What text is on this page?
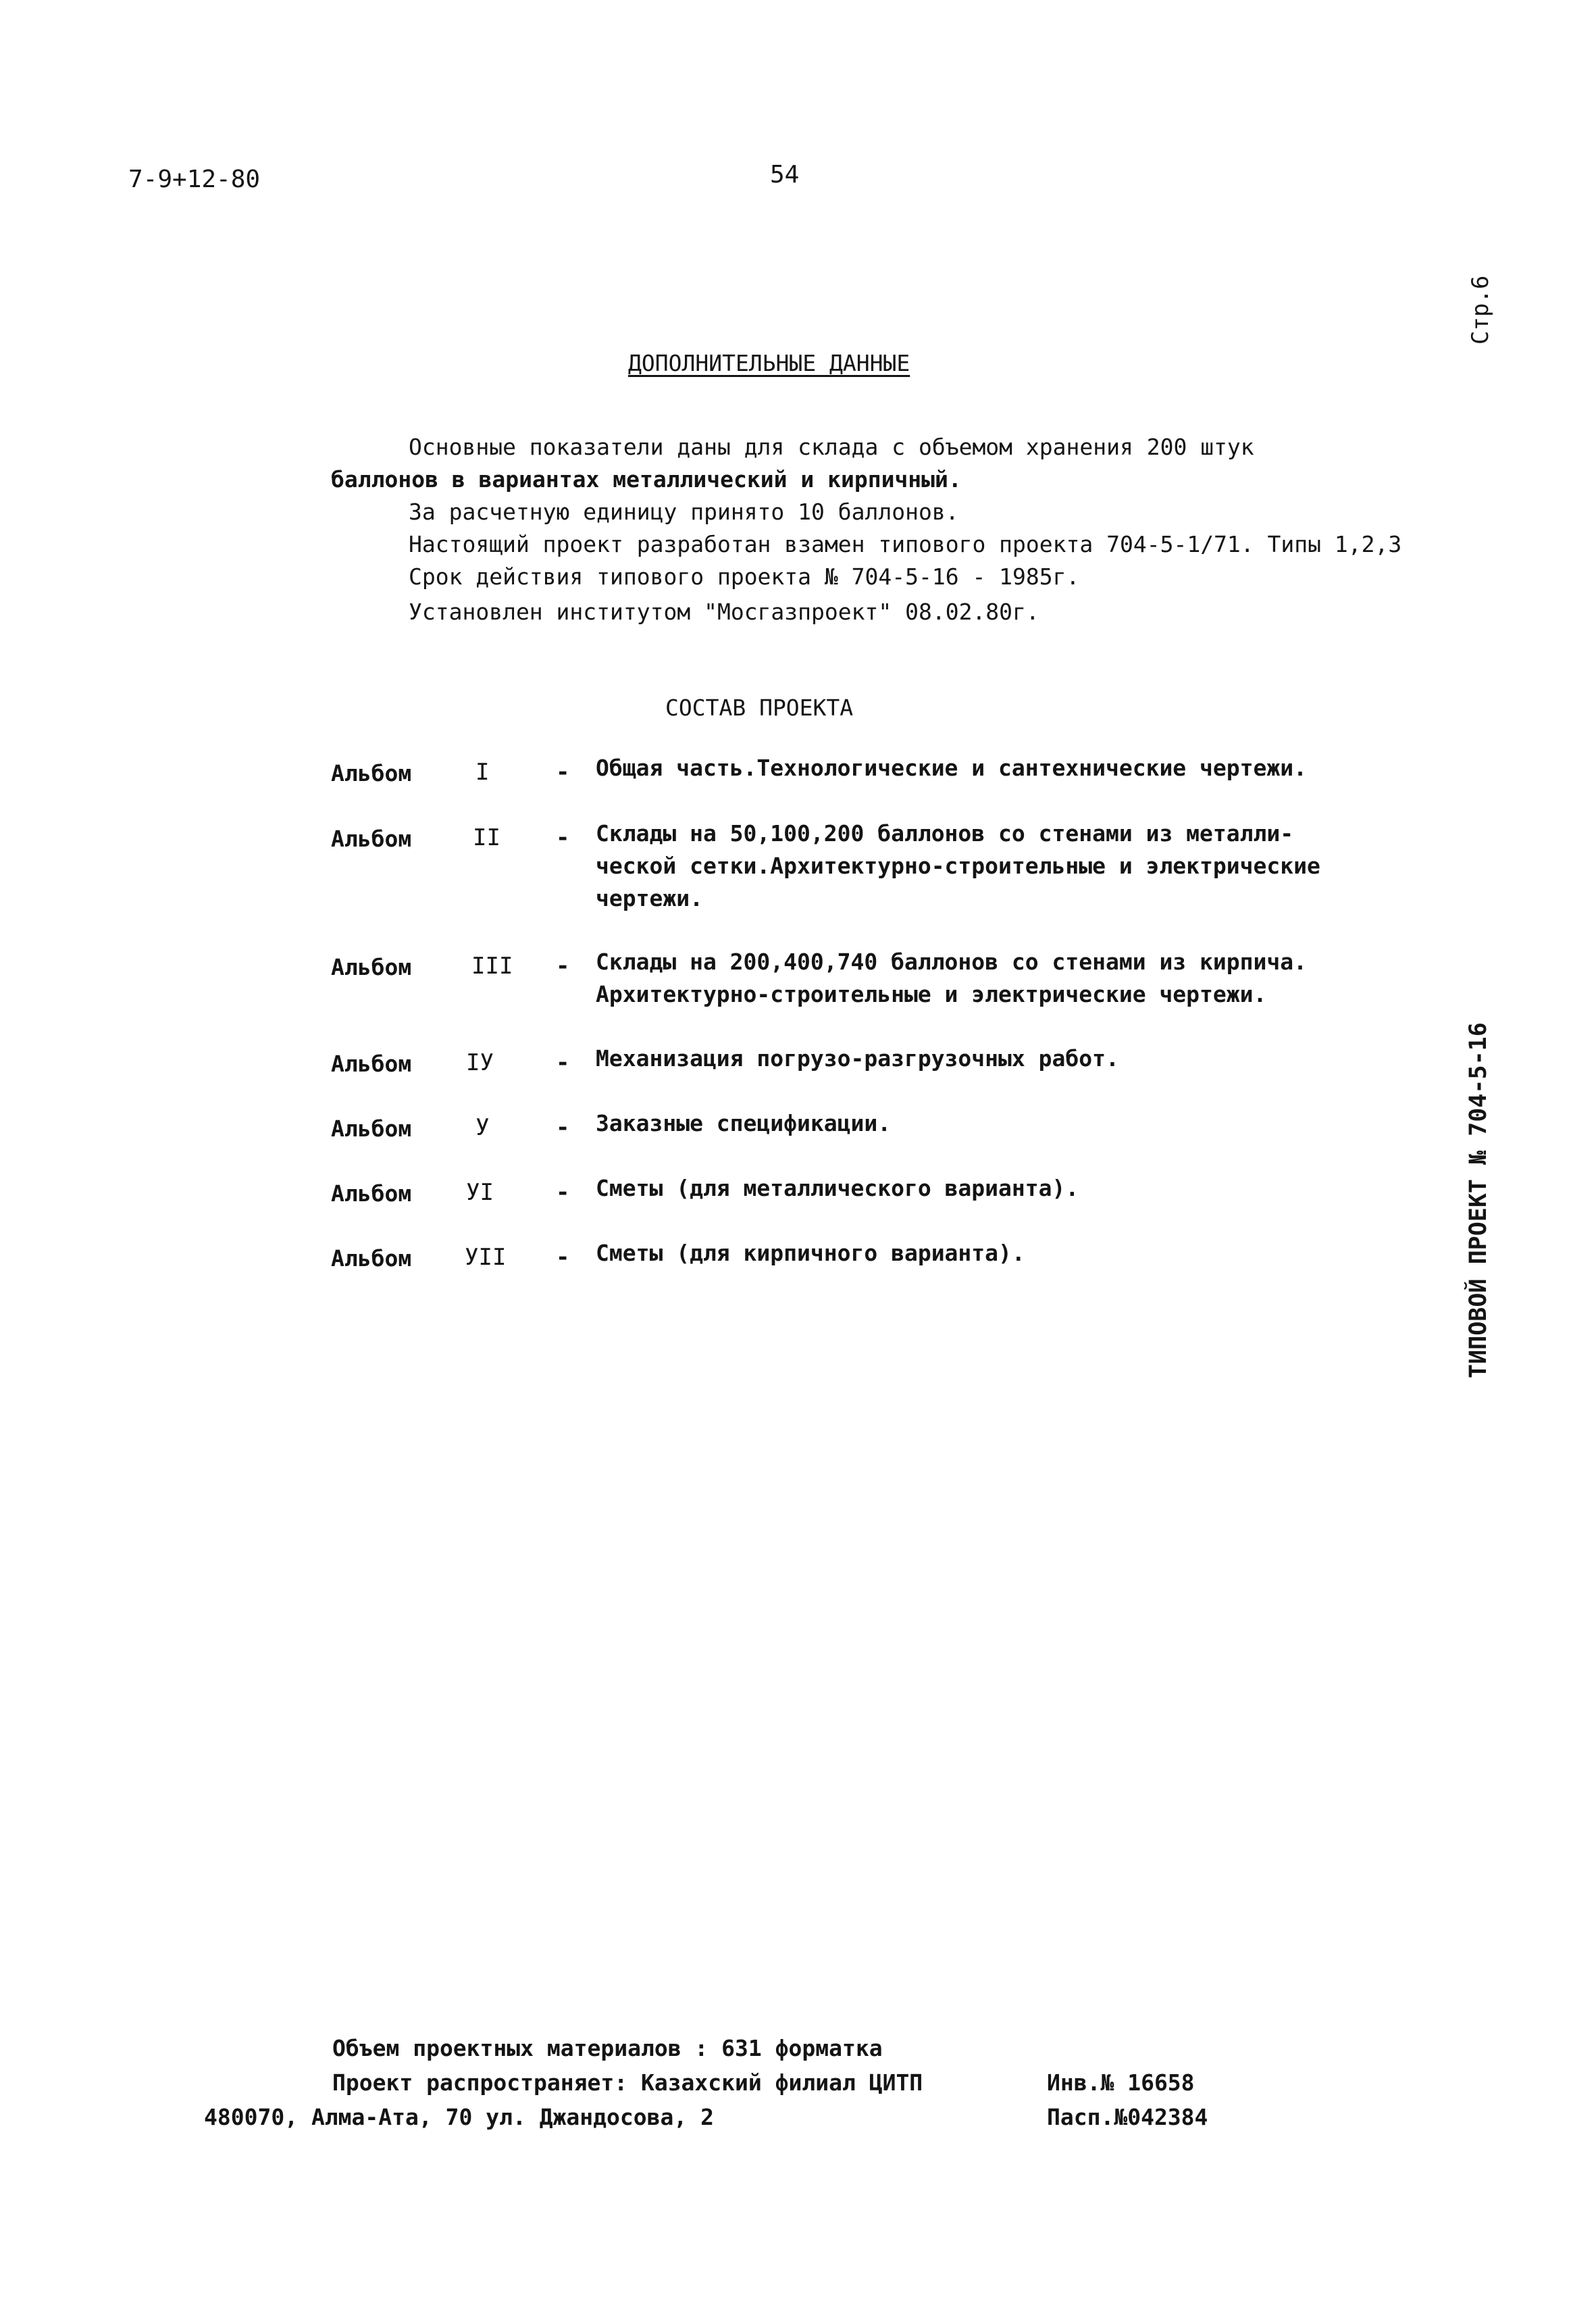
7-9+12-80	54
Стр.6
ТИПОВОЙ ПРОЕКТ № 704-5-16
ДОПОЛНИТЕЛЬНЫЕ ДАННЫЕ
Основные показатели даны для склада с объемом хранения 200 штук
баллонов в вариантах металлический и кирпичный.
За расчетную единицу принято 10 баллонов.
Настоящий проект разработан взамен типового проекта 704-5-1/71. Типы 1,2,3
Срок действия типового проекта № 704-5-16 - 1985г.
Установлен институтом "Мосгазпроект" 08.02.80г.
СОСТАВ ПРОЕКТА
Альбом	I	- Общая часть.Технологические и сантехнические чертежи.
Альбом	II - Склады на 50,100,200 баллонов со стенами из металли-
ческой сетки.Архитектурно-строительные и электрические
чертежи.
Альбом	III - Склады на 200,400,740 баллонов со стенами из кирпича.
Архитектурно-строительные и электрические чертежи.
Альбом IУ	- Механизация погрузо-разгрузочных работ.
Альбом	У	- Заказные спецификации.
Альбом УI	- Сметы (для металлического варианта).
Альбом УII - Сметы (для кирпичного варианта).
Объем проектных материалов : 631 форматка
Проект распространяет: Казахский филиал ЦИТП
480070, Алма-Ата, 70 ул. Джандосова, 2
Инв.№ 16658
Пасп.№042384
